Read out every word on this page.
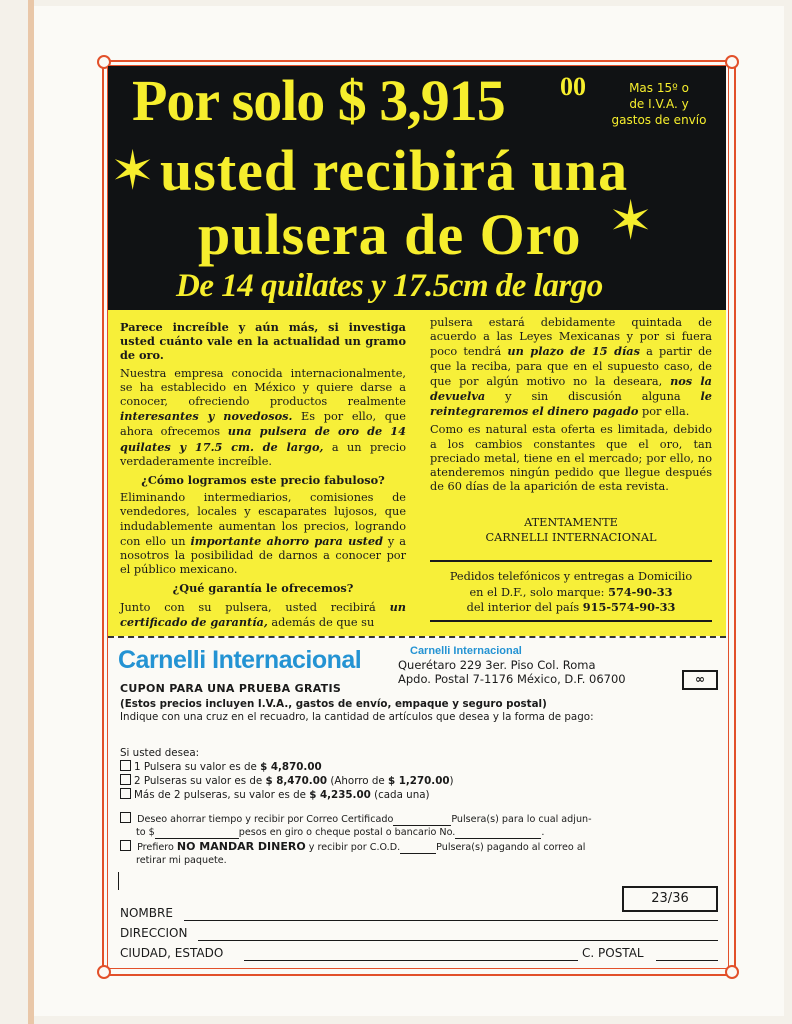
Por solo $ 3,915 00	Mas 15º o
de I.V.A. y
gastos de envío
✶ usted recibirá una
pulsera de Oro ✶
De 14 quilates y 17.5cm de largo

Parece increíble y aún más, si investiga usted cuánto vale en la actualidad un gramo de oro.

Nuestra empresa conocida internacionalmente, se ha establecido en México y quiere darse a conocer, ofreciendo productos realmente interesantes y novedosos. Es por ello, que ahora ofrecemos una pulsera de oro de 14 quilates y 17.5 cm. de largo, a un precio verdaderamente increíble.

¿Cómo logramos este precio fabuloso?

Eliminando intermediarios, comisiones de vendedores, locales y escaparates lujosos, que indudablemente aumentan los precios, logrando con ello un importante ahorro para usted y a nosotros la posibilidad de darnos a conocer por el público mexicano.

¿Qué garantía le ofrecemos?

Junto con su pulsera, usted recibirá un certificado de garantía, además de que su

pulsera estará debidamente quintada de acuerdo a las Leyes Mexicanas y por si fuera poco tendrá un plazo de 15 días a partir de que la reciba, para que en el supuesto caso, de que por algún motivo no la deseara, nos la devuelva y sin discusión alguna le reintegraremos el dinero pagado por ella.

Como es natural esta oferta es limitada, debido a los cambios constantes que el oro, tan preciado metal, tiene en el mercado; por ello, no atenderemos ningún pedido que llegue después de 60 días de la aparición de esta revista.

ATENTAMENTE
CARNELLI INTERNACIONAL
Pedidos telefónicos y entregas a Domicilio
en el D.F., solo marque: 574-90-33
del interior del país 915-574-90-33
Carnelli Internacional	Carnelli Internacional
Querétaro 229 3er. Piso Col. Roma
Apdo. Postal 7-1176 México, D.F. 06700	∞
CUPON PARA UNA PRUEBA GRATIS
(Estos precios incluyen I.V.A., gastos de envío, empaque y seguro postal)
Indique con una cruz en el recuadro, la cantidad de artículos que desea y la forma de pago:
Si usted desea:
1 Pulsera su valor es de $ 4,870.00
2 Pulseras su valor es de $ 8,470.00 (Ahorro de $ 1,270.00)
Más de 2 pulseras, su valor es de $ 4,235.00 (cada una)
Deseo ahorrar tiempo y recibir por Correo Certificado	Pulsera(s) para lo cual adjun-
to $	pesos en giro o cheque postal o bancario No.	.
Prefiero NO MANDAR DINERO y recibir por C.O.D.	Pulsera(s) pagando al correo al
retirar mi paquete.
23/36
NOMBRE
DIRECCION
CIUDAD, ESTADO	C. POSTAL
